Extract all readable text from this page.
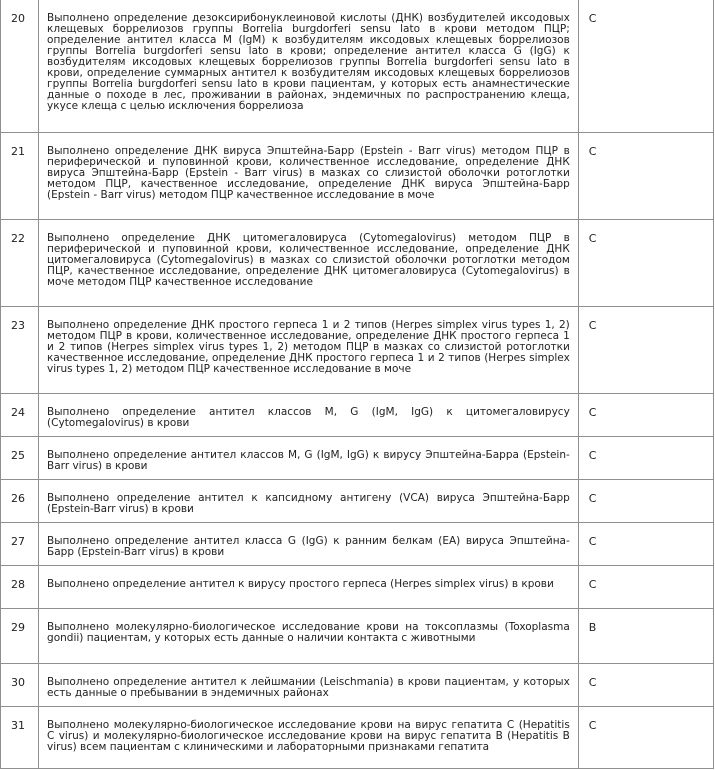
20	Выполнено определение дезоксирибонуклеиновой кислоты (ДНК) возбудителей иксодовых клещевых боррелиозов группы Borrelia burgdorferi sensu lato в крови методом ПЦР; определение антител класса М (IgM) к возбудителям иксодовых клещевых боррелиозов группы Borrelia burgdorferi sensu lato в крови; определение антител класса G (IgG) к возбудителям иксодовых клещевых боррелиозов группы Borrelia burgdorferi sensu lato в крови, определение суммарных антител к возбудителям иксодовых клещевых боррелиозов группы Borrelia burgdorferi sensu lato в крови пациентам, у которых есть анамнестические данные о походе в лес, проживании в районах, эндемичных по распространению клеща, укусе клеща с целью исключения боррелиоза	C

21	Выполнено определение ДНК вируса Эпштейна-Барр (Epstein - Barr virus) методом ПЦР в периферической и пуповинной крови, количественное исследование, определение ДНК вируса Эпштейна-Барр (Epstein - Barr virus) в мазках со слизистой оболочки ротоглотки методом ПЦР, качественное исследование, определение ДНК вируса Эпштейна-Барр (Epstein - Barr virus) методом ПЦР качественное исследование в моче	C

22	Выполнено определение ДНК цитомегаловируса (Cytomegalovirus) методом ПЦР в периферической и пуповинной крови, количественное исследование, определение ДНК цитомегаловируса (Cytomegalovirus) в мазках со слизистой оболочки ротоглотки методом ПЦР, качественное исследование, определение ДНК цитомегаловируса (Cytomegalovirus) в моче методом ПЦР качественное исследование	C

23	Выполнено определение ДНК простого герпеса 1 и 2 типов (Herpes simplex virus types 1, 2) методом ПЦР в крови, количественное исследование, определение ДНК простого герпеса 1 и 2 типов (Herpes simplex virus types 1, 2) методом ПЦР в мазках со слизистой ротоглотки качественное исследование, определение ДНК простого герпеса 1 и 2 типов (Herpes simplex virus types 1, 2) методом ПЦР качественное исследование в моче	C

24	Выполнено определение антител классов M, G (IgM, IgG) к цитомегаловирусу (Cytomegalovirus) в крови	C

25	Выполнено определение антител классов M, G (IgM, IgG) к вирусу Эпштейна-Барра (Epstein-Barr virus) в крови	C

26	Выполнено определение антител к капсидному антигену (VCA) вируса Эпштейна-Барр (Epstein-Barr virus) в крови	C

27	Выполнено определение антител класса G (IgG) к ранним белкам (EA) вируса Эпштейна-Барр (Epstein-Barr virus) в крови	C

28	Выполнено определение антител к вирусу простого герпеса (Herpes simplex virus) в крови	C

29	Выполнено молекулярно-биологическое исследование крови на токсоплазмы (Toxoplasma gondii) пациентам, у которых есть данные о наличии контакта с животными	B

30	Выполнено определение антител к лейшмании (Leischmania) в крови пациентам, у которых есть данные о пребывании в эндемичных районах	C

31	Выполнено молекулярно-биологическое исследование крови на вирус гепатита С (Hepatitis C virus) и молекулярно-биологическое исследование крови на вирус гепатита В (Hepatitis B virus) всем пациентам с клиническими и лабораторными признаками гепатита	C
